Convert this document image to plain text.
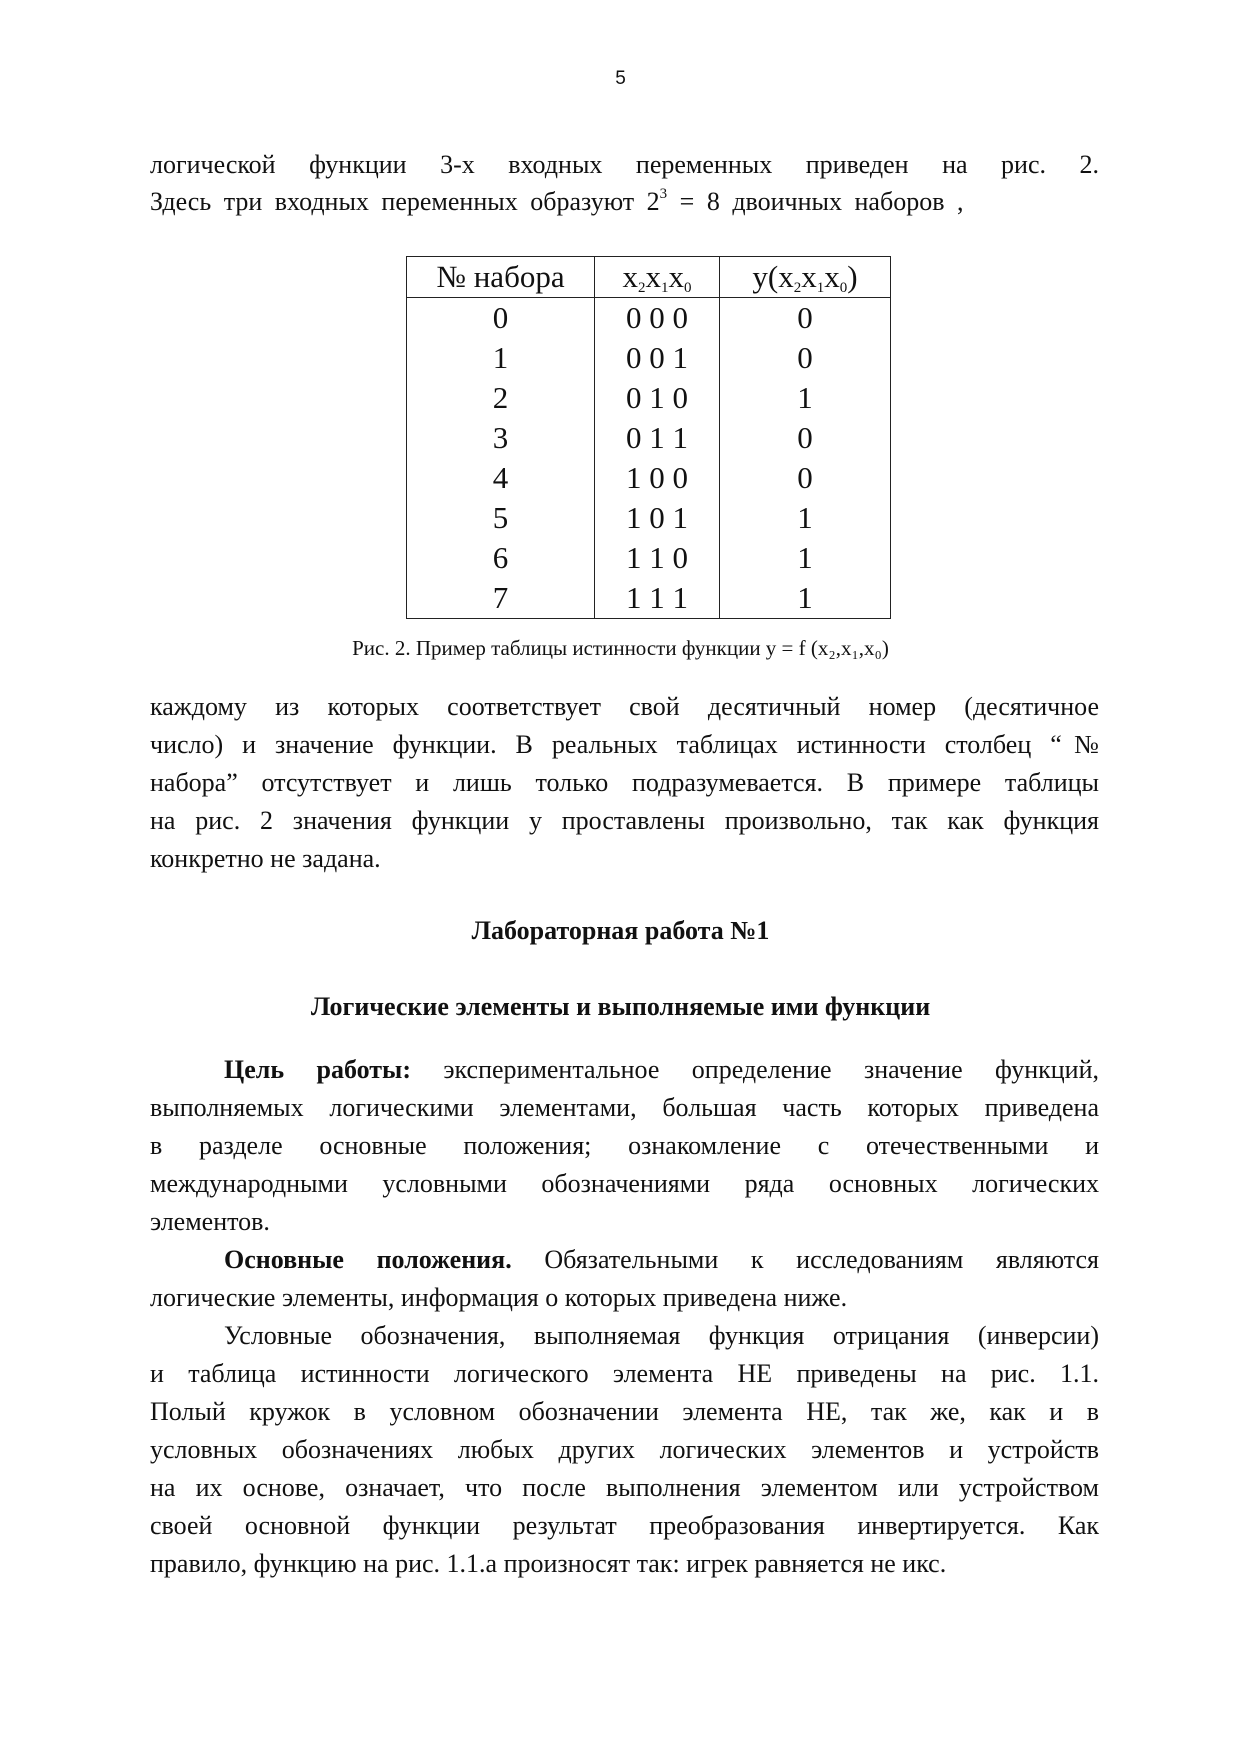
5
логической функции 3-х входных переменных приведен на рис. 2.
Здесь три входных переменных образуют $2^3 = 8$ двоичных наборов ,
№ набора	$x_2x_1x_0$	$y(x_2x_1x_0)$
0	0 0 0	0
1	0 0 1	0
2	0 1 0	1
3	0 1 1	0
4	1 0 0	0
5	1 0 1	1
6	1 1 0	1
7	1 1 1	1
Рис. 2. Пример таблицы истинности функции y = f (x₂,x₁,x₀)
каждому из которых соответствует свой десятичный номер (десятичное
число) и значение функции. В реальных таблицах истинности столбец “№
набора” отсутствует и лишь только подразумевается. В примере таблицы
на рис. 2 значения функции у проставлены произвольно, так как функция
конкретно не задана.
Лабораторная работа №1
Логические элементы и выполняемые ими функции
Цель работы: экспериментальное определение значение функций,
выполняемых логическими элементами, большая часть которых приведена
в разделе основные положения; ознакомление с отечественными и
международными условными обозначениями ряда основных логических
элементов.
Основные положения. Обязательными к исследованиям являются
логические элементы, информация о которых приведена ниже.
Условные обозначения, выполняемая функция отрицания (инверсии)
и таблица истинности логического элемента НЕ приведены на рис. 1.1.
Полый кружок в условном обозначении элемента НЕ, так же, как и в
условных обозначениях любых других логических элементов и устройств
на их основе, означает, что после выполнения элементом или устройством
своей основной функции результат преобразования инвертируется. Как
правило, функцию на рис. 1.1.а произносят так: игрек равняется не икс.
